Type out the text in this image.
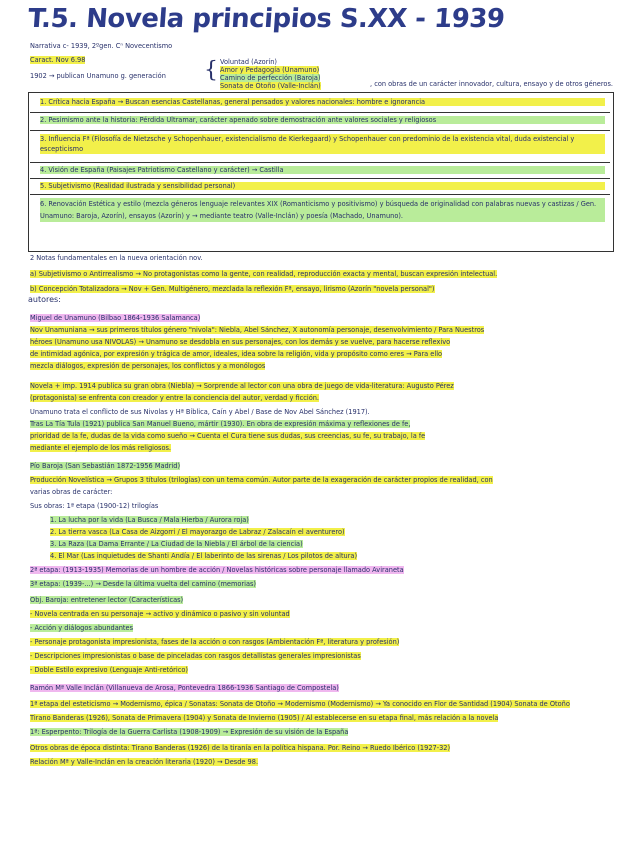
T.5. Novela principios S.XX - 1939
Narrativa c- 1939, 2ºgen. Cⁿ Novecentismo
Caract. Nov 6.98
1902 → publican Unamuno g. generación { Voluntad (Azorín)
Amor y Pedagogía (Unamuno)
Camino de perfección (Baroja)
Sonata de Otoño (Valle-Inclán)	, con obras de un carácter innovador, cultura, ensayo y de otros géneros.
1. Crítica hacia España → Buscan esencias Castellanas, general pensados y valores nacionales: hombre e ignorancia
2. Pesimismo ante la historia: Pérdida Ultramar, carácter apenado sobre demostración ante valores sociales y religiosos
3. Influencia Fª (Filosofía de Nietzsche y Schopenhauer, existencialismo de Kierkegaard) y Schopenhauer con predominio de la existencia vital, duda existencial y escepticismo
4. Visión de España (Paisajes Patriotismo Castellano y carácter) → Castilla
5. Subjetivismo (Realidad ilustrada y sensibilidad personal)
6. Renovación Estética y estilo (mezcla géneros lenguaje relevantes XIX (Romanticismo y positivismo) y búsqueda de originalidad con palabras nuevas y castizas / Gen. Unamuno: Baroja, Azorín), ensayos (Azorín) y → mediante teatro (Valle-Inclán) y poesía (Machado, Unamuno).
2 Notas fundamentales en la nueva orientación nov.
a) Subjetivismo o Antirrealismo → No protagonistas como la gente, con realidad, reproducción exacta y mental, buscan expresión intelectual.
b) Concepción Totalizadora → Nov + Gen. Multigénero, mezclada la reflexión Fª, ensayo, lirismo (Azorín "novela personal")
autores:
Miguel de Unamuno (Bilbao 1864-1936 Salamanca)
Nov Unamuniana → sus primeros títulos género "nivola": Niebla, Abel Sánchez, X autonomía personaje, desenvolvimiento / Para Nuestros
héroes (Unamuno usa NIVOLAS) → Unamuno se desdobla en sus personajes, con los demás y se vuelve, para hacerse reflexivo
de intimidad agónica, por expresión y trágica de amor, ideales, idea sobre la religión, vida y propósito como eres → Para ello
mezcla diálogos, expresión de personajes, los conflictos y a monólogos
Novela + imp. 1914 publica su gran obra (Niebla) → Sorprende al lector con una obra de juego de vida-literatura: Augusto Pérez
(protagonista) se enfrenta con creador y entre la conciencia del autor, verdad y ficción.
Unamuno trata el conflicto de sus Nivolas y Hª Bíblica, Caín y Abel / Base de Nov Abel Sánchez (1917).
Tras La Tía Tula (1921) publica San Manuel Bueno, mártir (1930). En obra de expresión máxima y reflexiones de fe,
prioridad de la fe, dudas de la vida como sueño → Cuenta el Cura tiene sus dudas, sus creencias, su fe, su trabajo, la fe
mediante el ejemplo de los más religiosos.
Pío Baroja (San Sebastián 1872-1956 Madrid)
Producción Novelística → Grupos 3 títulos (trilogías) con un tema común. Autor parte de la exageración de carácter propios de realidad, con
varias obras de carácter:
Sus obras: 1ª etapa (1900-12) trilogías
1. La lucha por la vida (La Busca / Mala Hierba / Aurora roja)
2. La tierra vasca (La Casa de Aizgorri / El mayorazgo de Labraz / Zalacaín el aventurero)
3. La Raza (La Dama Errante / La Ciudad de la Niebla / El árbol de la ciencia)
4. El Mar (Las inquietudes de Shanti Andía / El laberinto de las sirenas / Los pilotos de altura)
2ª etapa: (1913-1935) Memorias de un hombre de acción / Novelas históricas sobre personaje llamado Aviraneta
3ª etapa: (1939-...) → Desde la última vuelta del camino (memorias)
Obj. Baroja: entretener lector (Características)
- Novela centrada en su personaje → activo y dinámico o pasivo y sin voluntad
- Acción y diálogos abundantes
- Personaje protagonista impresionista, fases de la acción o con rasgos (Ambientación Fª, literatura y profesión)
- Descripciones impresionistas o base de pinceladas con rasgos detallistas generales impresionistas
- Doble Estilo expresivo (Lenguaje Anti-retórico)
Ramón Mª Valle Inclán (Villanueva de Arosa, Pontevedra 1866-1936 Santiago de Compostela)
1ª etapa del esteticismo → Modernismo, épica / Sonatas: Sonata de Otoño → Modernismo (Modernismo) → Ya conocido en Flor de Santidad (1904) Sonata de Otoño
Tirano Banderas (1926), Sonata de Primavera (1904) y Sonata de Invierno (1905) / Al establecerse en su etapa final, más relación a la novela
1ª: Esperpento: Trilogía de la Guerra Carlista (1908-1909) → Expresión de su visión de la España
Otros obras de época distinta: Tirano Banderas (1926) de la tiranía en la política hispana. Por. Reino → Ruedo Ibérico (1927-32)
Relación Mª y Valle-Inclán en la creación literaria (1920) → Desde 98.
